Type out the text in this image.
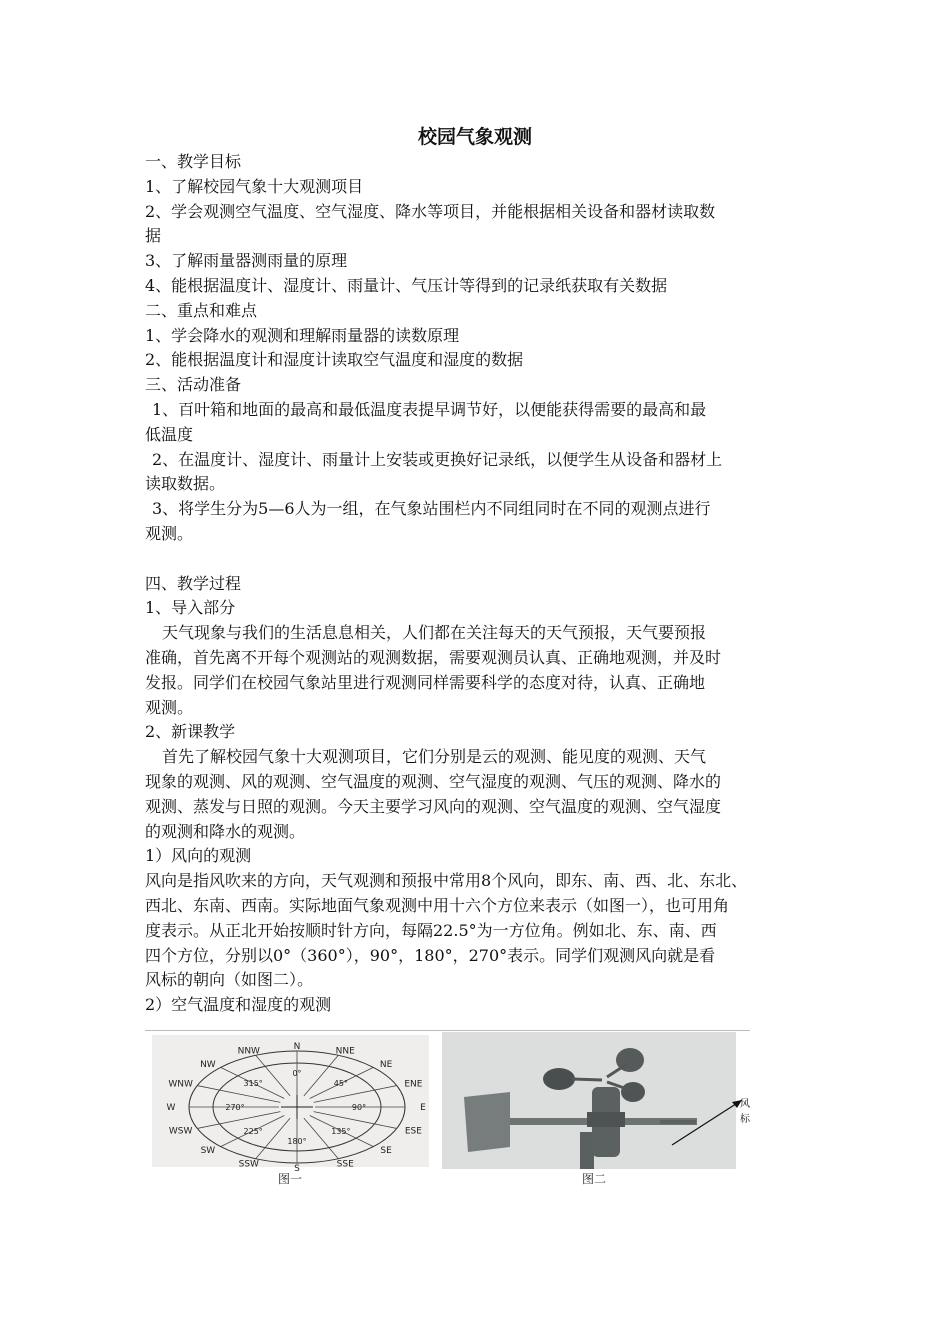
校园气象观测
一、教学目标
1、了解校园气象十大观测项目
2、学会观测空气温度、空气湿度、降水等项目，并能根据相关设备和器材读取数
据
3、了解雨量器测雨量的原理
4、能根据温度计、湿度计、雨量计、气压计等得到的记录纸获取有关数据
二、重点和难点
1、学会降水的观测和理解雨量器的读数原理
2、能根据温度计和湿度计读取空气温度和湿度的数据
三、活动准备
1、百叶箱和地面的最高和最低温度表提早调节好，以便能获得需要的最高和最
低温度
2、在温度计、湿度计、雨量计上安装或更换好记录纸，以便学生从设备和器材上
读取数据。
3、将学生分为5—6人为一组，在气象站围栏内不同组同时在不同的观测点进行
观测。
四、教学过程
1、导入部分
天气现象与我们的生活息息相关，人们都在关注每天的天气预报，天气要预报
准确，首先离不开每个观测站的观测数据，需要观测员认真、正确地观测，并及时
发报。同学们在校园气象站里进行观测同样需要科学的态度对待，认真、正确地
观测。
2、新课教学
首先了解校园气象十大观测项目，它们分别是云的观测、能见度的观测、天气
现象的观测、风的观测、空气温度的观测、空气湿度的观测、气压的观测、降水的
观测、蒸发与日照的观测。今天主要学习风向的观测、空气温度的观测、空气湿度
的观测和降水的观测。
1）风向的观测
风向是指风吹来的方向，天气观测和预报中常用8个风向，即东、南、西、北、东北、
西北、东南、西南。实际地面气象观测中用十六个方位来表示（如图一），也可用角
度表示。从正北开始按顺时针方向，每隔22.5°为一方位角。例如北、东、南、西
四个方位，分别以0°（360°），90°，180°，270°表示。同学们观测风向就是看
风标的朝向（如图二）。
2）空气温度和湿度的观测
N	NNE
NE
ENE
E
ESE
SE
SSE
S
SSW
SW
WSW
W
WNW
NW
NNW
0°
45°
90°
135°
180°
225°
270°
315°
图一
风标
图二
